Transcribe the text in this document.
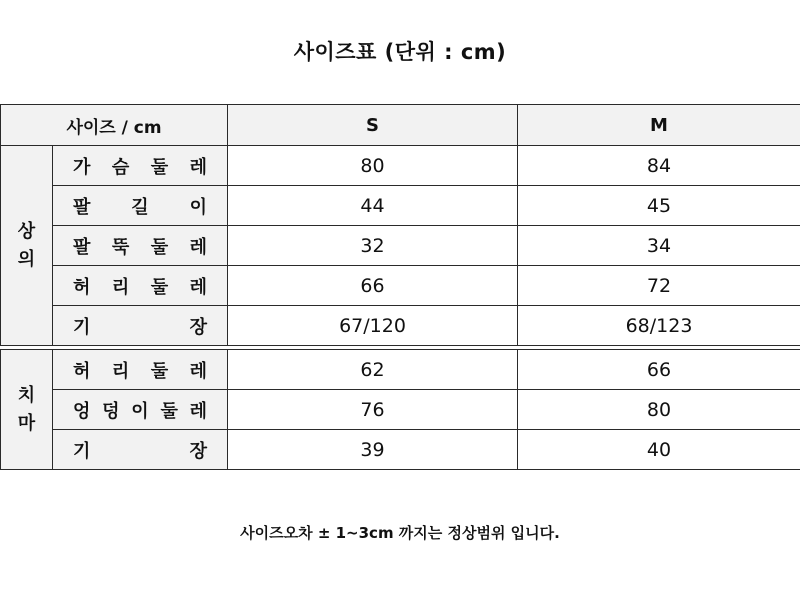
사이즈표 (단위 : cm)
사이즈 / cm		S	M
상
의	가 슴 둘 레	80	84
	팔 길 이	44	45
	팔 뚝 둘 레	32	34
	허 리 둘 레	66	72
	기 장	67/120	68/123

치
마	허 리 둘 레	62	66
	엉 덩 이 둘 레	76	80
	기 장	39	40
사이즈오차 ± 1~3cm 까지는 정상범위 입니다.
